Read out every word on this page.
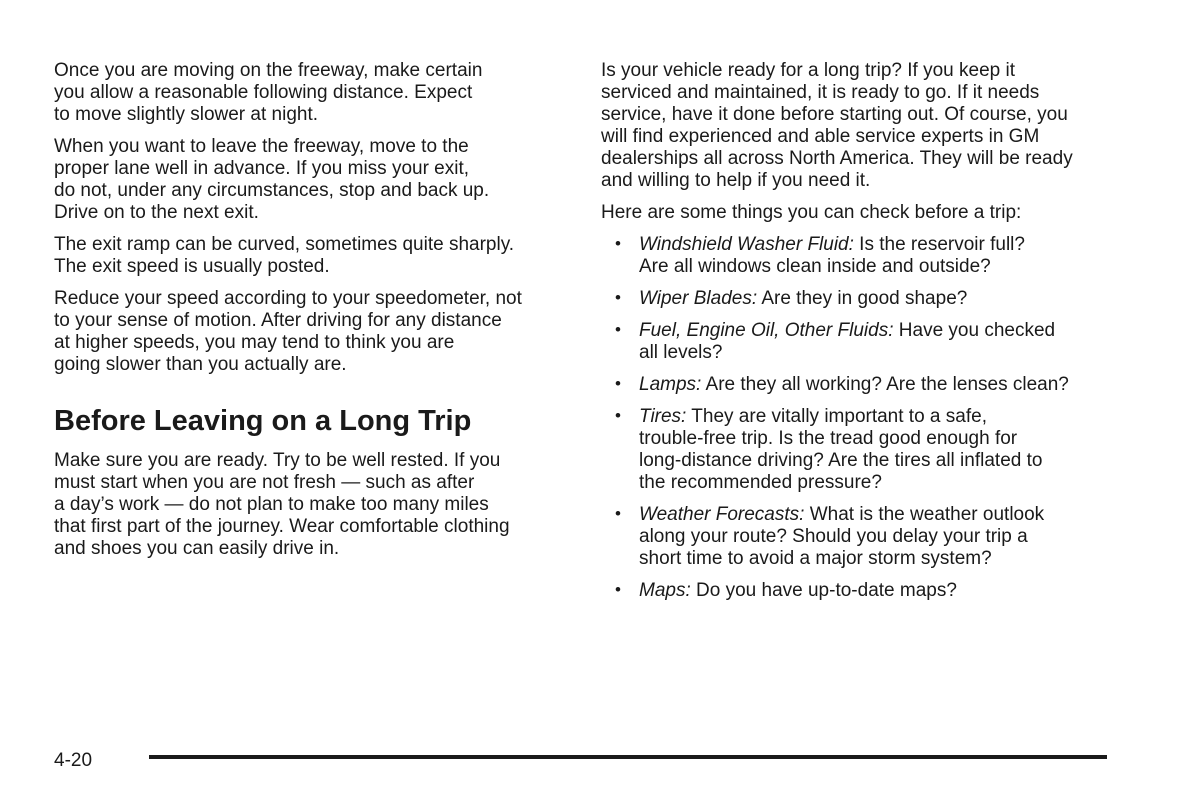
Once you are moving on the freeway, make certain
you allow a reasonable following distance. Expect
to move slightly slower at night.

When you want to leave the freeway, move to the
proper lane well in advance. If you miss your exit,
do not, under any circumstances, stop and back up.
Drive on to the next exit.

The exit ramp can be curved, sometimes quite sharply.
The exit speed is usually posted.

Reduce your speed according to your speedometer, not
to your sense of motion. After driving for any distance
at higher speeds, you may tend to think you are
going slower than you actually are.

Before Leaving on a Long Trip

Make sure you are ready. Try to be well rested. If you
must start when you are not fresh — such as after
a day’s work — do not plan to make too many miles
that first part of the journey. Wear comfortable clothing
and shoes you can easily drive in.

Is your vehicle ready for a long trip? If you keep it
serviced and maintained, it is ready to go. If it needs
service, have it done before starting out. Of course, you
will find experienced and able service experts in GM
dealerships all across North America. They will be ready
and willing to help if you need it.

Here are some things you can check before a trip:

• Windshield Washer Fluid: Is the reservoir full?
Are all windows clean inside and outside?
• Wiper Blades: Are they in good shape?
• Fuel, Engine Oil, Other Fluids: Have you checked
all levels?
• Lamps: Are they all working? Are the lenses clean?
• Tires: They are vitally important to a safe,
trouble-free trip. Is the tread good enough for
long-distance driving? Are the tires all inflated to
the recommended pressure?
• Weather Forecasts: What is the weather outlook
along your route? Should you delay your trip a
short time to avoid a major storm system?
• Maps: Do you have up-to-date maps?
4-20
